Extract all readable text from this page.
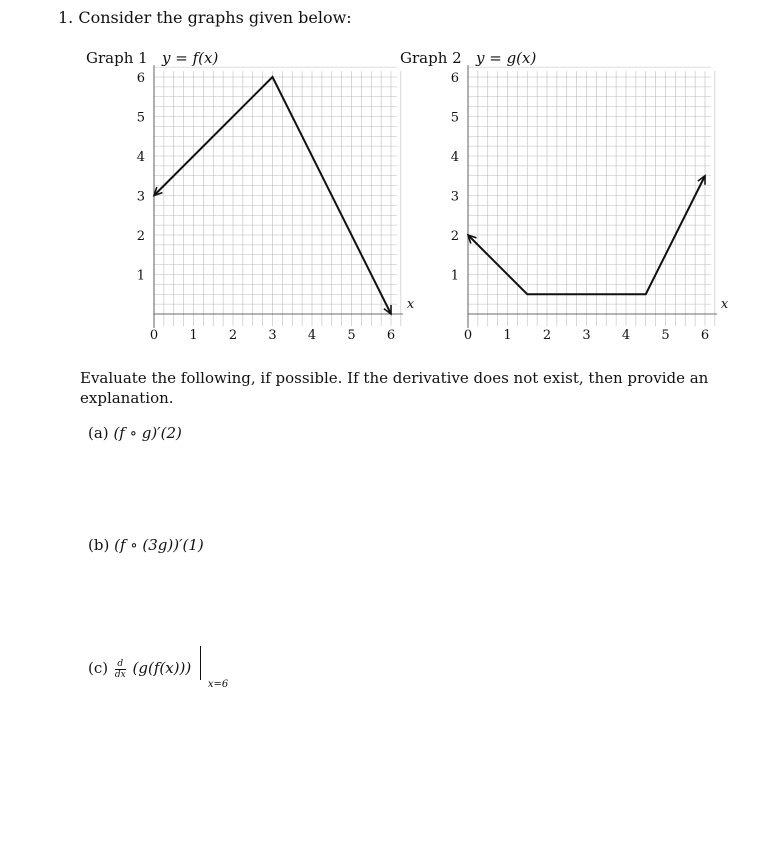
1. Consider the graphs given below:
Graph 1 y = f(x)
0 1 2 3 4 5 6
1
2
3
4
5
6
x
Graph 2 y = g(x)
0 1 2 3 4 5 6
1
2
3
4
5
6
x
Evaluate the following, if possible. If the derivative does not exist, then provide an explanation.
(a) (f ∘ g)′(2)
(b) (f ∘ (3g))′(1)
$(c) \frac{d}{dx} (g(f(x)))$  $_{x=6}$
